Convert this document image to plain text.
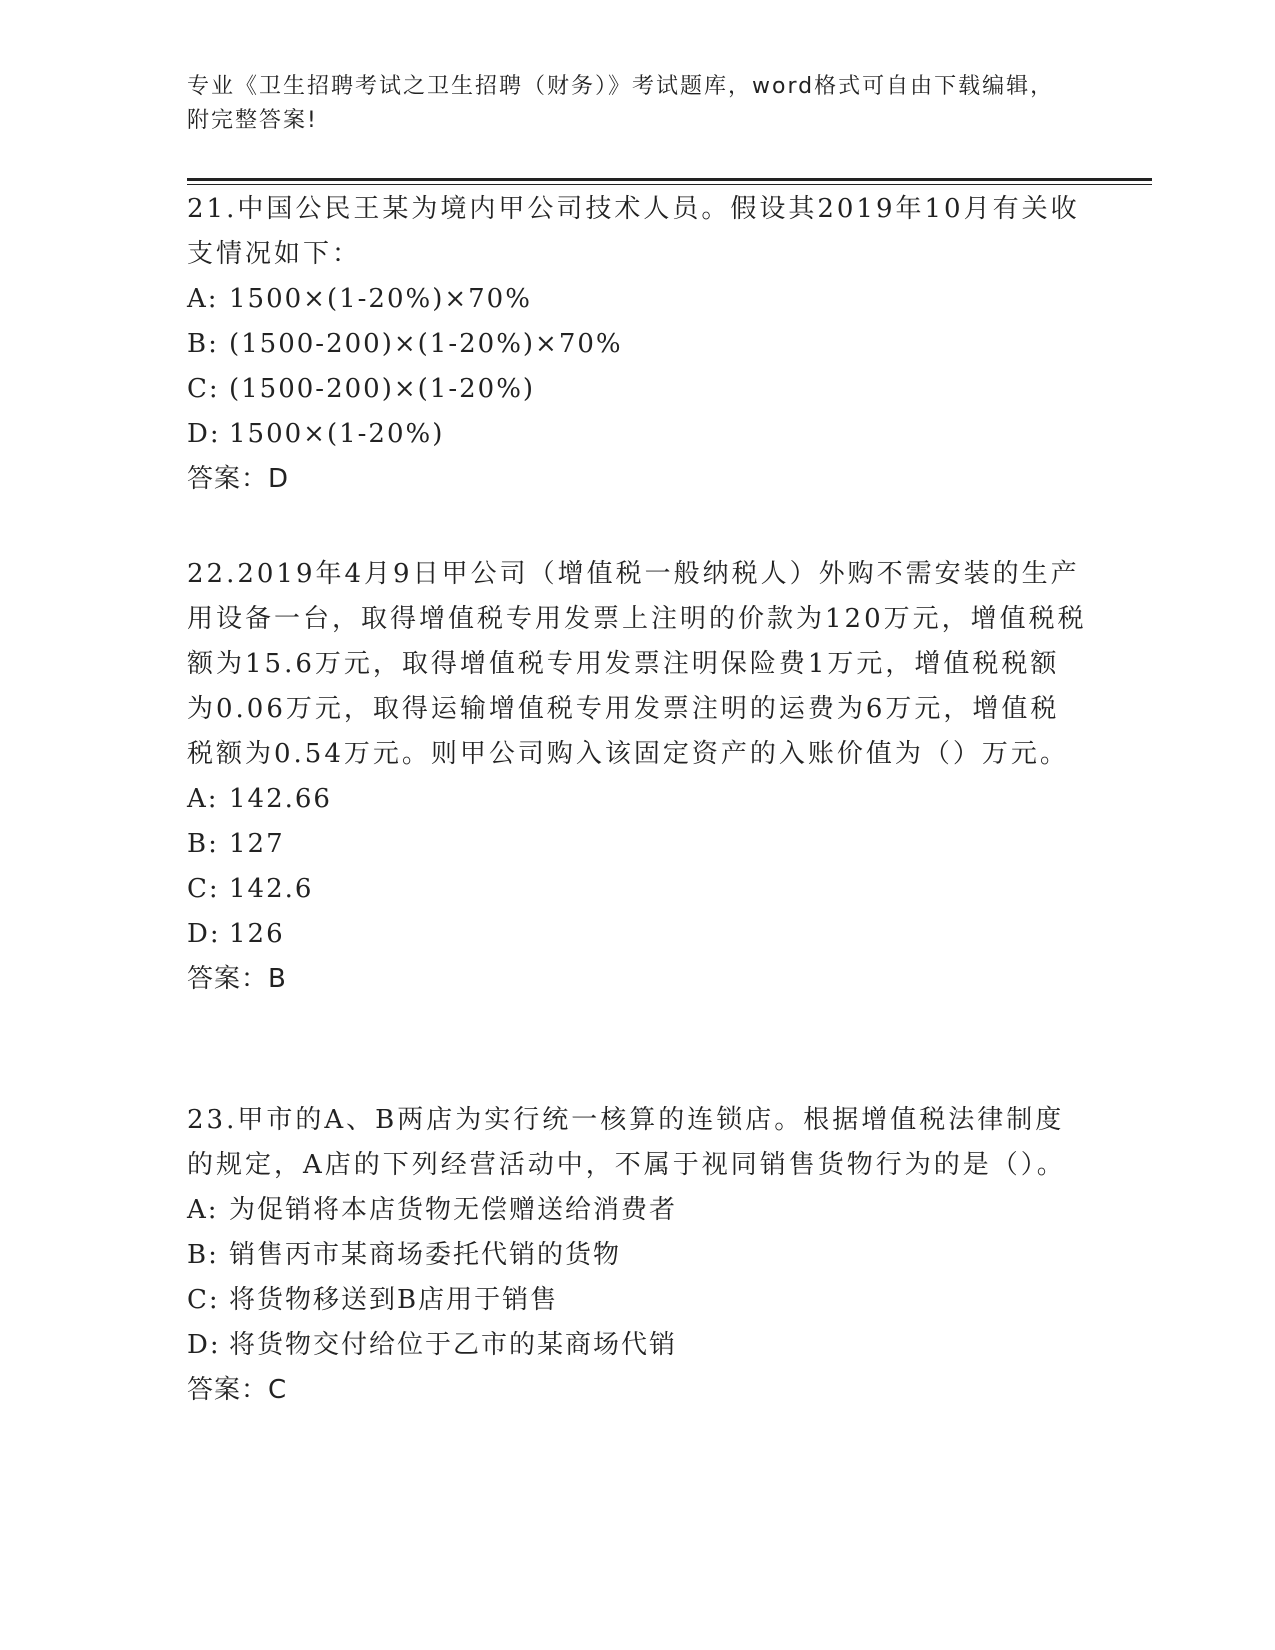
专业《卫生招聘考试之卫生招聘（财务）》考试题库，word格式可自由下载编辑，附完整答案!
21.中国公民王某为境内甲公司技术人员。假设其2019年10月有关收支情况如下：
A: 1500×(1-20%)×70%
B: (1500-200)×(1-20%)×70%
C: (1500-200)×(1-20%)
D: 1500×(1-20%)
答案：D
22.2019年4月9日甲公司（增值税一般纳税人）外购不需安装的生产用设备一台，取得增值税专用发票上注明的价款为120万元，增值税税额为15.6万元，取得增值税专用发票注明保险费1万元，增值税税额为0.06万元，取得运输增值税专用发票注明的运费为6万元，增值税税额为0.54万元。则甲公司购入该固定资产的入账价值为（）万元。
A: 142.66
B: 127
C: 142.6
D: 126
答案：B
23.甲市的A、B两店为实行统一核算的连锁店。根据增值税法律制度的规定，A店的下列经营活动中，不属于视同销售货物行为的是（）。
A: 为促销将本店货物无偿赠送给消费者
B: 销售丙市某商场委托代销的货物
C: 将货物移送到B店用于销售
D: 将货物交付给位于乙市的某商场代销
答案：C
